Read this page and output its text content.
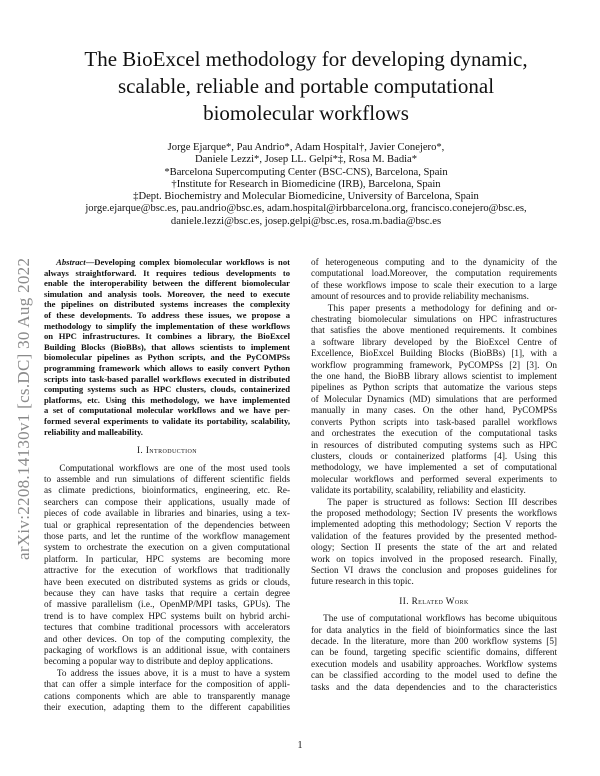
arXiv:2208.14130v1 [cs.DC] 30 Aug 2022
The BioExcel methodology for developing dynamic,
scalable, reliable and portable computational
biomolecular workflows
Jorge Ejarque*, Pau Andrio*, Adam Hospital†, Javier Conejero*,
Daniele Lezzi*, Josep LL. Gelpí*‡, Rosa M. Badia*
*Barcelona Supercomputing Center (BSC-CNS), Barcelona, Spain
†Institute for Research in Biomedicine (IRB), Barcelona, Spain
‡Dept. Biochemistry and Molecular Biomedicine, University of Barcelona, Spain
jorge.ejarque@bsc.es, pau.andrio@bsc.es, adam.hospital@irbbarcelona.org, francisco.conejero@bsc.es,
daniele.lezzi@bsc.es, josep.gelpi@bsc.es, rosa.m.badia@bsc.es

Abstract—Developing complex biomolecular workflows is not
always straightforward. It requires tedious developments to
enable the interoperability between the different biomolecular
simulation and analysis tools. Moreover, the need to execute
the pipelines on distributed systems increases the complexity
of these developments. To address these issues, we propose a
methodology to simplify the implementation of these workflows
on HPC infrastructures. It combines a library, the BioExcel
Building Blocks (BioBBs), that allows scientists to implement
biomolecular pipelines as Python scripts, and the PyCOMPSs
programming framework which allows to easily convert Python
scripts into task-based parallel workflows executed in distributed
computing systems such as HPC clusters, clouds, containerized
platforms, etc. Using this methodology, we have implemented
a set of computational molecular workflows and we have per-
formed several experiments to validate its portability, scalability,
reliability and malleability.

I. Introduction

Computational workflows are one of the most used tools
to assemble and run simulations of different scientific fields
as climate predictions, bioinformatics, engineering, etc. Re-
searchers can compose their applications, usually made of
pieces of code available in libraries and binaries, using a tex-
tual or graphical representation of the dependencies between
those parts, and let the runtime of the workflow management
system to orchestrate the execution on a given computational
platform. In particular, HPC systems are becoming more
attractive for the execution of workflows that traditionally
have been executed on distributed systems as grids or clouds,
because they can have tasks that require a certain degree
of massive parallelism (i.e., OpenMP/MPI tasks, GPUs). The
trend is to have complex HPC systems built on hybrid archi-
tectures that combine traditional processors with accelerators
and other devices. On top of the computing complexity, the
packaging of workflows is an additional issue, with containers
becoming a popular way to distribute and deploy applications.

To address the issues above, it is a must to have a system
that can offer a simple interface for the composition of appli-
cations components which are able to transparently manage
their execution, adapting them to the different capabilities

of heterogeneous computing and to the dynamicity of the
computational load.Moreover, the computation requirements
of these workflows impose to scale their execution to a large
amount of resources and to provide reliability mechanisms.

This paper presents a methodology for defining and or-
chestrating biomolecular simulations on HPC infrastructures
that satisfies the above mentioned requirements. It combines
a software library developed by the BioExcel Centre of
Excellence, BioExcel Building Blocks (BioBBs) [1], with a
workflow programming framework, PyCOMPSs [2] [3]. On
the one hand, the BioBB library allows scientist to implement
pipelines as Python scripts that automatize the various steps
of Molecular Dynamics (MD) simulations that are performed
manually in many cases. On the other hand, PyCOMPSs
converts Python scripts into task-based parallel workflows
and orchestrates the execution of the computational tasks
in resources of distributed computing systems such as HPC
clusters, clouds or containerized platforms [4]. Using this
methodology, we have implemented a set of computational
molecular workflows and performed several experiments to
validate its portability, scalability, reliability and elasticity.

The paper is structured as follows: Section III describes
the proposed methodology; Section IV presents the workflows
implemented adopting this methodology; Section V reports the
validation of the features provided by the presented method-
ology; Section II presents the state of the art and related
work on topics involved in the proposed research. Finally,
Section VI draws the conclusion and proposes guidelines for
future research in this topic.

II. Related Work

The use of computational workflows has become ubiquitous
for data analytics in the field of bioinformatics since the last
decade. In the literature, more than 200 workflow systems [5]
can be found, targeting specific scientific domains, different
execution models and usability approaches. Workflow systems
can be classified according to the model used to define the
tasks and the data dependencies and to the characteristics

1
